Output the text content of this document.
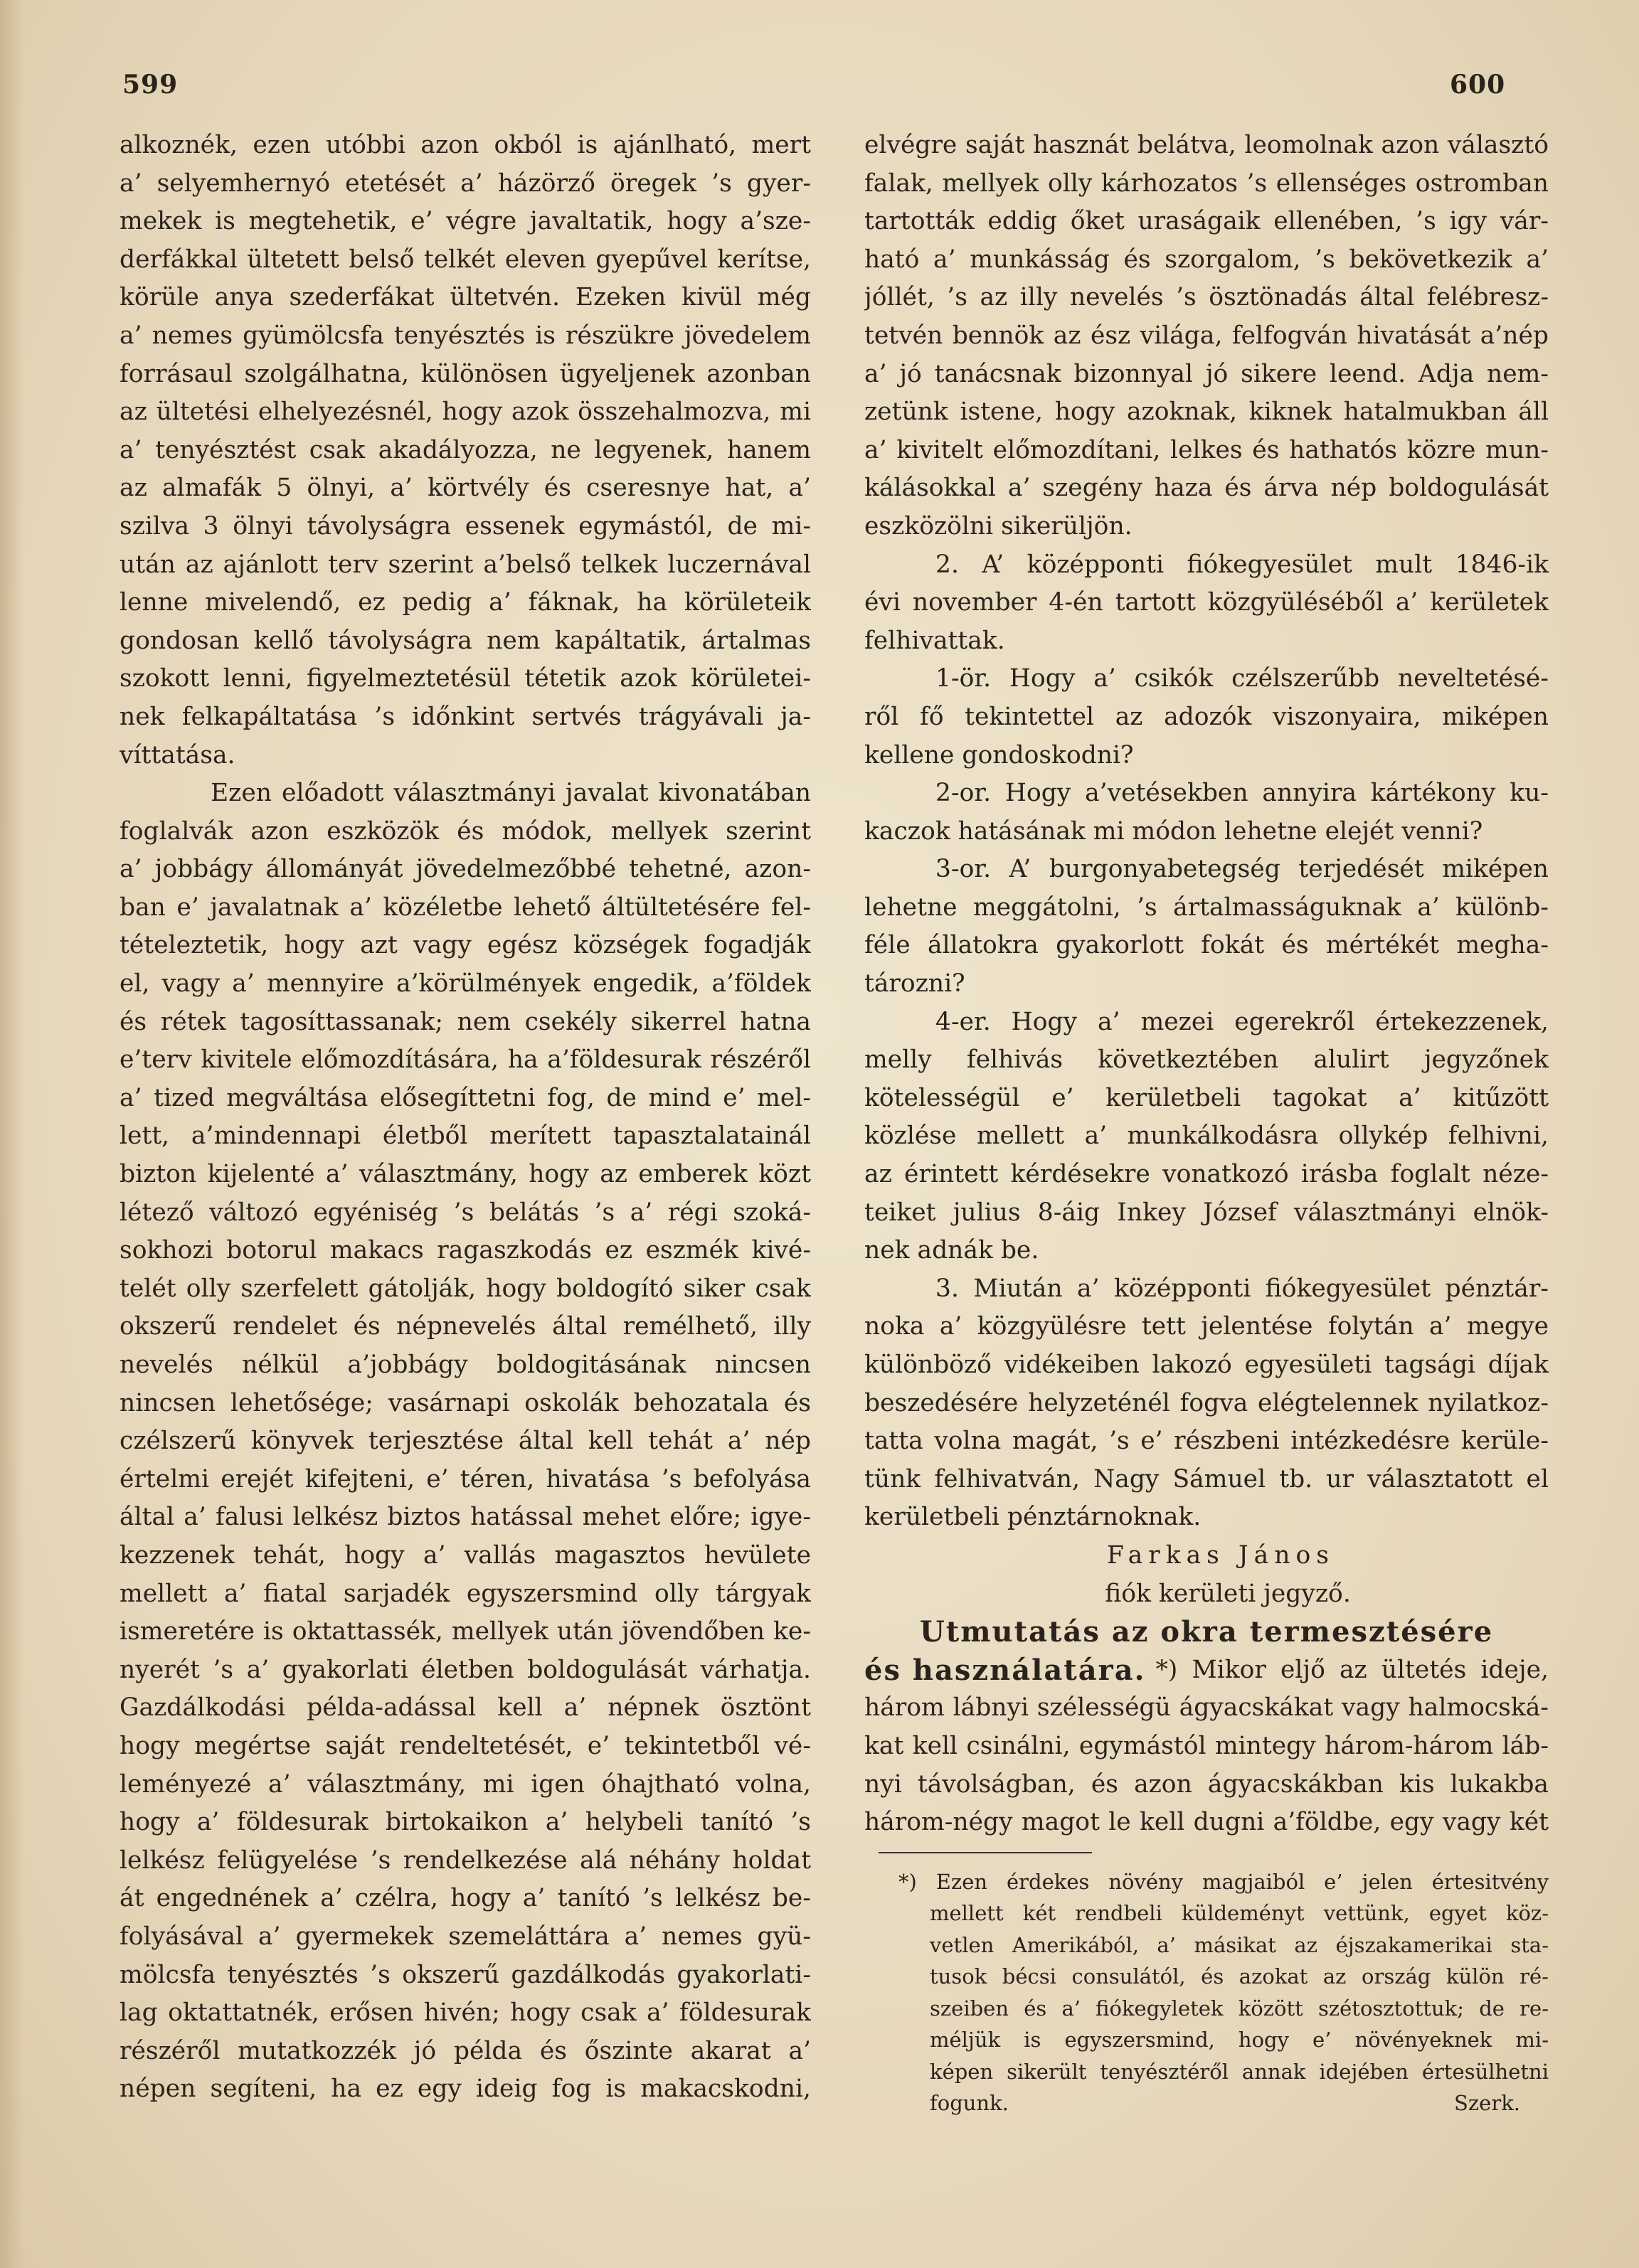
599	600
alkoznék, ezen utóbbi azon okból is ajánlható, mert
a’ selyemhernyó etetését a’ házörző öregek ’s gyer-
mekek is megtehetik, e’ végre javaltatik, hogy a’sze-
derfákkal ültetett belső telkét eleven gyepűvel kerítse,
körüle anya szederfákat ültetvén. Ezeken kivül még
a’ nemes gyümölcsfa tenyésztés is részükre jövedelem
forrásaul szolgálhatna, különösen ügyeljenek azonban
az ültetési elhelyezésnél, hogy azok összehalmozva, mi
a’ tenyésztést csak akadályozza, ne legyenek, hanem
az almafák 5 ölnyi, a’ körtvély és cseresnye hat, a’
szilva 3 ölnyi távolyságra essenek egymástól, de mi-
után az ajánlott terv szerint a’belső telkek luczernával
lenne mivelendő, ez pedig a’ fáknak, ha körületeik
gondosan kellő távolyságra nem kapáltatik, ártalmas
szokott lenni, figyelmeztetésül tétetik azok körületei-
nek felkapáltatása ’s időnkint sertvés trágyávali ja-
víttatása.
Ezen előadott választmányi javalat kivonatában
foglalvák azon eszközök és módok, mellyek szerint
a’ jobbágy állományát jövedelmezőbbé tehetné, azon-
ban e’ javalatnak a’ közéletbe lehető áltültetésére fel-
tételeztetik, hogy azt vagy egész községek fogadják
el, vagy a’ mennyire a’körülmények engedik, a’földek
és rétek tagosíttassanak; nem csekély sikerrel hatna
e’terv kivitele előmozdítására, ha a’földesurak részéről
a’ tized megváltása elősegíttetni fog, de mind e’ mel-
lett, a’mindennapi életből merített tapasztalatainál
bizton kijelenté a’ választmány, hogy az emberek közt
létező változó egyéniség ’s belátás ’s a’ régi szoká-
sokhozi botorul makacs ragaszkodás ez eszmék kivé-
telét olly szerfelett gátolják, hogy boldogító siker csak
okszerű rendelet és népnevelés által remélhető, illy
nevelés nélkül a’jobbágy boldogitásának nincsen
nincsen lehetősége; vasárnapi oskolák behozatala és
czélszerű könyvek terjesztése által kell tehát a’ nép
értelmi erejét kifejteni, e’ téren, hivatása ’s befolyása
által a’ falusi lelkész biztos hatással mehet előre; igye-
kezzenek tehát, hogy a’ vallás magasztos hevülete
mellett a’ fiatal sarjadék egyszersmind olly tárgyak
ismeretére is oktattassék, mellyek után jövendőben ke-
nyerét ’s a’ gyakorlati életben boldogulását várhatja.
Gazdálkodási példa-adással kell a’ népnek ösztönt
hogy megértse saját rendeltetését, e’ tekintetből vé-
leményezé a’ választmány, mi igen óhajtható volna,
hogy a’ földesurak birtokaikon a’ helybeli tanító ’s
lelkész felügyelése ’s rendelkezése alá néhány holdat
át engednének a’ czélra, hogy a’ tanító ’s lelkész be-
folyásával a’ gyermekek szemeláttára a’ nemes gyü-
mölcsfa tenyésztés ’s okszerű gazdálkodás gyakorlati-
lag oktattatnék, erősen hivén; hogy csak a’ földesurak
részéről mutatkozzék jó példa és őszinte akarat a’
népen segíteni, ha ez egy ideig fog is makacskodni,
elvégre saját hasznát belátva, leomolnak azon választó
falak, mellyek olly kárhozatos ’s ellenséges ostromban
tartották eddig őket uraságaik ellenében, ’s igy vár-
ható a’ munkásság és szorgalom, ’s bekövetkezik a’
jóllét, ’s az illy nevelés ’s ösztönadás által felébresz-
tetvén bennök az ész világa, felfogván hivatását a’nép
a’ jó tanácsnak bizonnyal jó sikere leend. Adja nem-
zetünk istene, hogy azoknak, kiknek hatalmukban áll
a’ kivitelt előmozdítani, lelkes és hathatós közre mun-
kálásokkal a’ szegény haza és árva nép boldogulását
eszközölni sikerüljön.
2. A’ középponti fiókegyesület mult 1846-ik
évi november 4-én tartott közgyüléséből a’ kerületek
felhivattak.
1-ör. Hogy a’ csikók czélszerűbb neveltetésé-
ről fő tekintettel az adozók viszonyaira, miképen
kellene gondoskodni?
2-or. Hogy a’vetésekben annyira kártékony ku-
kaczok hatásának mi módon lehetne elejét venni?
3-or. A’ burgonyabetegség terjedését miképen
lehetne meggátolni, ’s ártalmasságuknak a’ különb-
féle állatokra gyakorlott fokát és mértékét megha-
tározni?
4-er. Hogy a’ mezei egerekről értekezzenek,
melly felhivás következtében alulirt jegyzőnek
kötelességül e’ kerületbeli tagokat a’ kitűzött
közlése mellett a’ munkálkodásra ollykép felhivni,
az érintett kérdésekre vonatkozó irásba foglalt néze-
teiket julius 8-áig Inkey József választmányi elnök-
nek adnák be.
3. Miután a’ középponti fiókegyesület pénztár-
noka a’ közgyülésre tett jelentése folytán a’ megye
különböző vidékeiben lakozó egyesületi tagsági díjak
beszedésére helyzeténél fogva elégtelennek nyilatkoz-
tatta volna magát, ’s e’ részbeni intézkedésre kerüle-
tünk felhivatván, Nagy Sámuel tb. ur választatott el
kerületbeli pénztárnoknak.
Farkas János
fiók kerületi jegyző.
Utmutatás az okra termesztésére
és használatára. *) Mikor eljő az ültetés ideje,
három lábnyi szélességü ágyacskákat vagy halmocská-
kat kell csinálni, egymástól mintegy három-három láb-
nyi távolságban, és azon ágyacskákban kis lukakba
három-négy magot le kell dugni a’földbe, egy vagy két
*) Ezen érdekes növény magjaiból e’ jelen értesitvény
mellett két rendbeli küldeményt vettünk, egyet köz-
vetlen Amerikából, a’ másikat az éjszakamerikai sta-
tusok bécsi consulától, és azokat az ország külön ré-
szeiben és a’ fiókegyletek között szétosztottuk; de re-
méljük is egyszersmind, hogy e’ növényeknek mi-
képen sikerült tenyésztéről annak idejében értesülhetni
fogunk.	Szerk.
